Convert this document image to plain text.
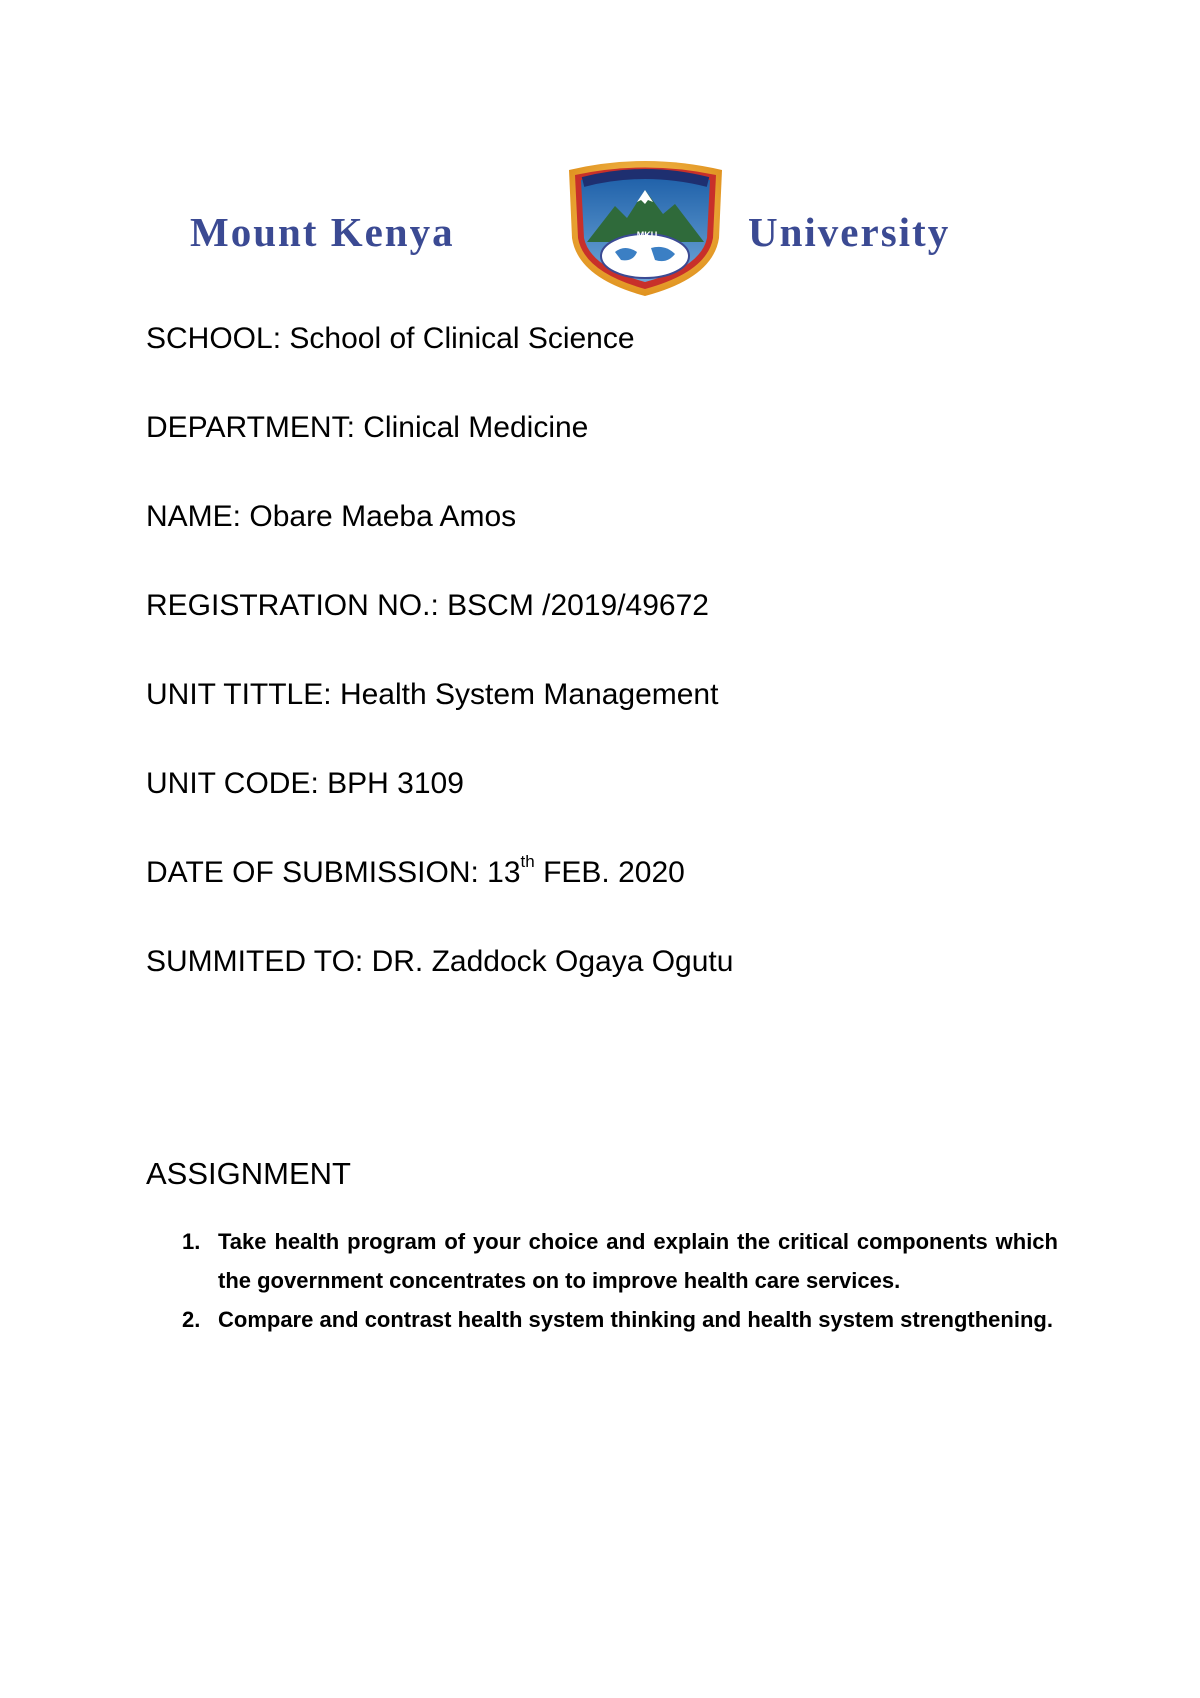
Mount Kenya	MKU	University
SCHOOL: School of Clinical Science
DEPARTMENT: Clinical Medicine
NAME: Obare Maeba Amos
REGISTRATION NO.: BSCM /2019/49672
UNIT TITTLE: Health System Management
UNIT CODE: BPH 3109
DATE OF SUBMISSION: 13th FEB. 2020
SUMMITED TO: DR. Zaddock Ogaya Ogutu
ASSIGNMENT
1. Take health program of your choice and explain the critical components which the government concentrates on to improve health care services.
2. Compare and contrast health system thinking and health system strengthening.
